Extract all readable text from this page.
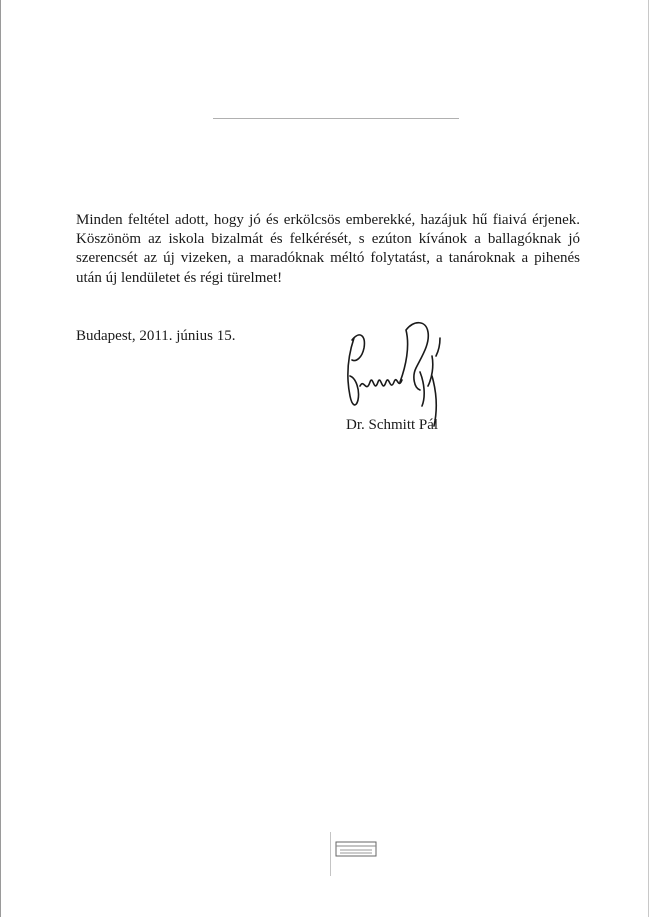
Minden feltétel adott, hogy jó és erkölcsös emberekké, hazájuk hű fiaivá érjenek.
Köszönöm az iskola bizalmát és felkérését, s ezúton kívánok a ballagóknak jó
szerencsét az új vizeken, a maradóknak méltó folytatást, a tanároknak a pihenés
után új lendületet és régi türelmet!

Budapest, 2011. június 15.

Dr. Schmitt Pál
